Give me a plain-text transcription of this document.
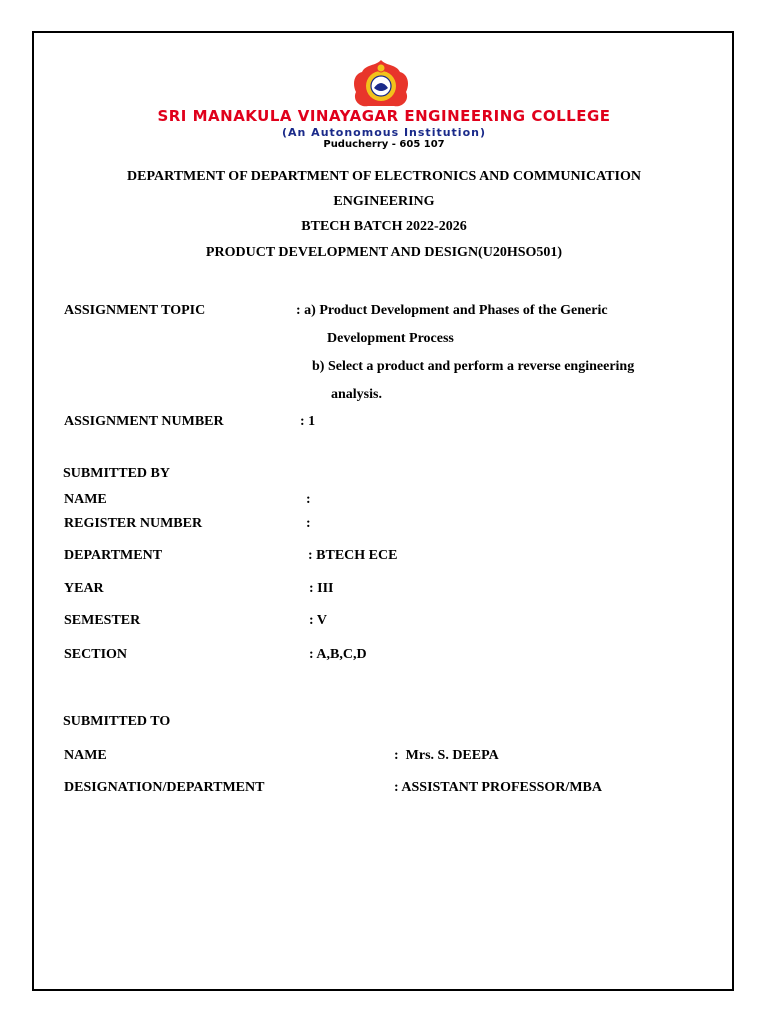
SRI MANAKULA VINAYAGAR ENGINEERING COLLEGE
(An Autonomous Institution)
Puducherry - 605 107
DEPARTMENT OF DEPARTMENT OF ELECTRONICS AND COMMUNICATION
ENGINEERING
BTECH BATCH 2022-2026
PRODUCT DEVELOPMENT AND DESIGN(U20HSO501)
ASSIGNMENT TOPIC	: a) Product Development and Phases of the Generic
Development Process
b) Select a product and perform a reverse engineering
analysis.
ASSIGNMENT NUMBER	: 1
SUBMITTED BY
NAME	:
REGISTER NUMBER	:
DEPARTMENT	: BTECH ECE
YEAR	: III
SEMESTER	: V
SECTION	: A,B,C,D
SUBMITTED TO
NAME	:  Mrs. S. DEEPA
DESIGNATION/DEPARTMENT	: ASSISTANT PROFESSOR/MBA
